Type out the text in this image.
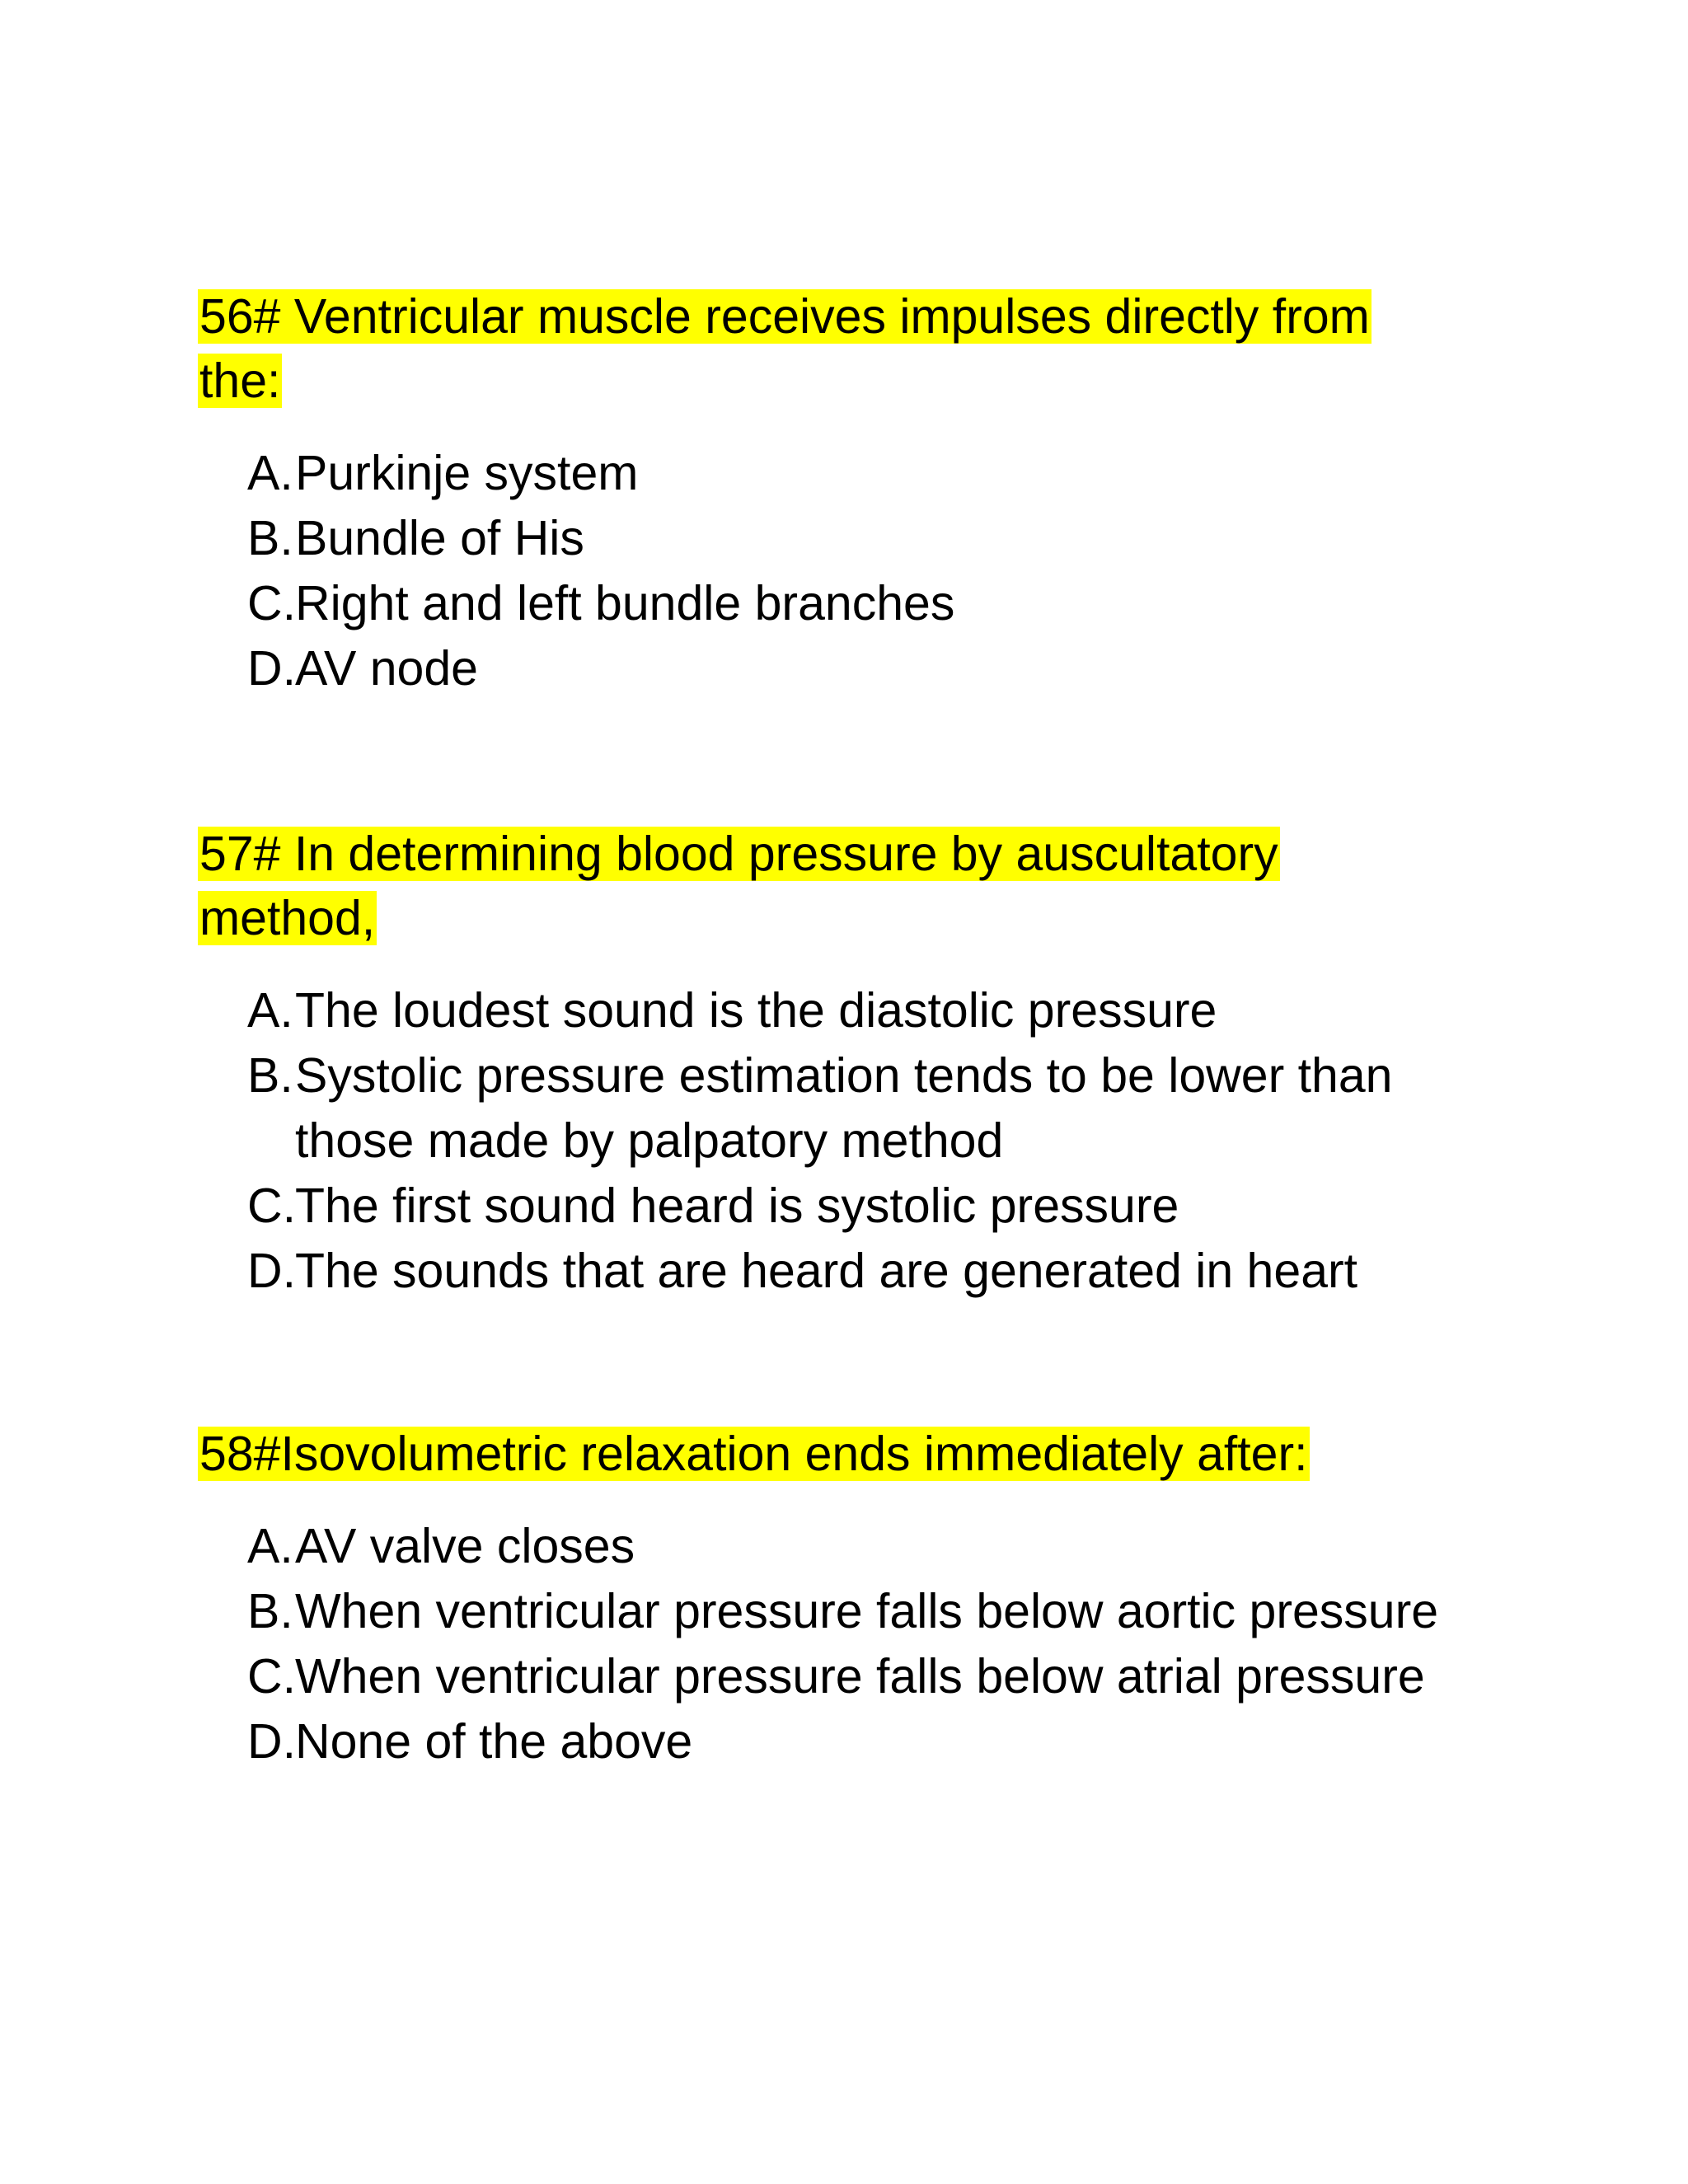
56# Ventricular muscle receives impulses directly from the:

A. Purkinje system
B. Bundle of His
C. Right and left bundle branches
D. AV node

57# In determining blood pressure by auscultatory method,

A. The loudest sound is the diastolic pressure
B. Systolic pressure estimation tends to be lower than those made by palpatory method
C. The first sound heard is systolic pressure
D. The sounds that are heard are generated in heart

58#Isovolumetric relaxation ends immediately after:

A. AV valve closes
B. When ventricular pressure falls below aortic pressure
C. When ventricular pressure falls below atrial pressure
D. None of the above
